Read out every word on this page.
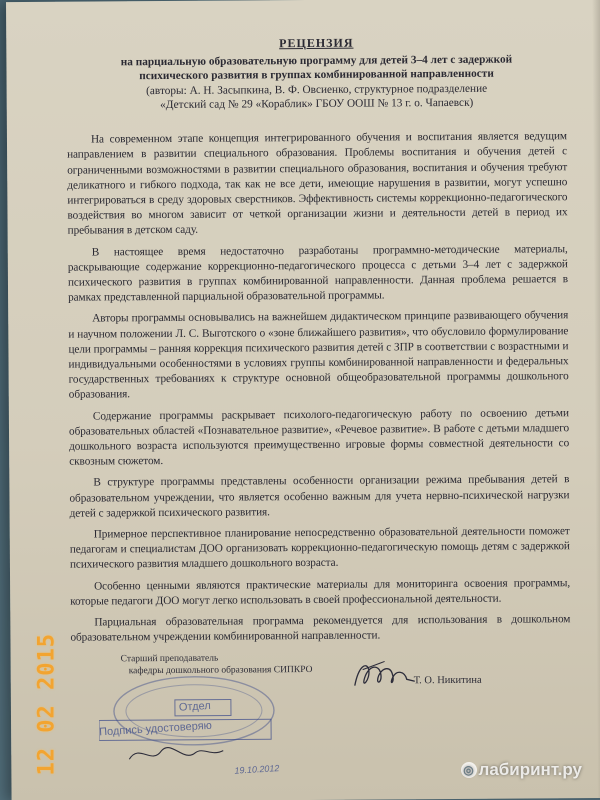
РЕЦЕНЗИЯ
на парциальную образовательную программу для детей 3–4 лет с задержкой
психического развития в группах комбинированной направленности
(авторы: А. Н. Засыпкина, В. Ф. Овсиенко, структурное подразделение
«Детский сад № 29 «Кораблик» ГБОУ ООШ № 13 г. о. Чапаевск)

На современном этапе концепция интегрированного обучения и воспитания является ведущим направлением в развитии специального образования. Проблемы воспитания и обучения детей с ограниченными возможностями в развитии специального образования, воспитания и обучения требуют деликатного и гибкого подхода, так как не все дети, имеющие нарушения в развитии, могут успешно интегрироваться в среду здоровых сверстников. Эффективность системы коррекционно-педагогического воздействия во многом зависит от четкой организации жизни и деятельности детей в период их пребывания в детском саду.

В настоящее время недостаточно разработаны программно-методические материалы, раскрывающие содержание коррекционно-педагогического процесса с детьми 3–4 лет с задержкой психического развития в группах комбинированной направленности. Данная проблема решается в рамках представленной парциальной образовательной программы.

Авторы программы основывались на важнейшем дидактическом принципе развивающего обучения и научном положении Л. С. Выготского о «зоне ближайшего развития», что обусловило формулирование цели программы – ранняя коррекция психического развития детей с ЗПР в соответствии с возрастными и индивидуальными особенностями в условиях группы комбинированной направленности и федеральных государственных требованиях к структуре основной общеобразовательной программы дошкольного образования.

Содержание программы раскрывает психолого-педагогическую работу по освоению детьми образовательных областей «Познавательное развитие», «Речевое развитие». В работе с детьми младшего дошкольного возраста используются преимущественно игровые формы совместной деятельности со сквозным сюжетом.

В структуре программы представлены особенности организации режима пребывания детей в образовательном учреждении, что является особенно важным для учета нервно-психической нагрузки детей с задержкой психического развития.

Примерное перспективное планирование непосредственно образовательной деятельности поможет педагогам и специалистам ДОО организовать коррекционно-педагогическую помощь детям с задержкой психического развития младшего дошкольного возраста.

Особенно ценными являются практические материалы для мониторинга освоения программы, которые педагоги ДОО могут легко использовать в своей профессиональной деятельности.

Парциальная образовательная программа рекомендуется для использования в дошкольном образовательном учреждении комбинированной направленности.

Старший преподаватель
кафедры дошкольного образования СИПКРО
Т. О. Никитина
Отдел
Подпись удостоверяю
19.10.2012
12 02 2015	◎ лабиринт.ру
